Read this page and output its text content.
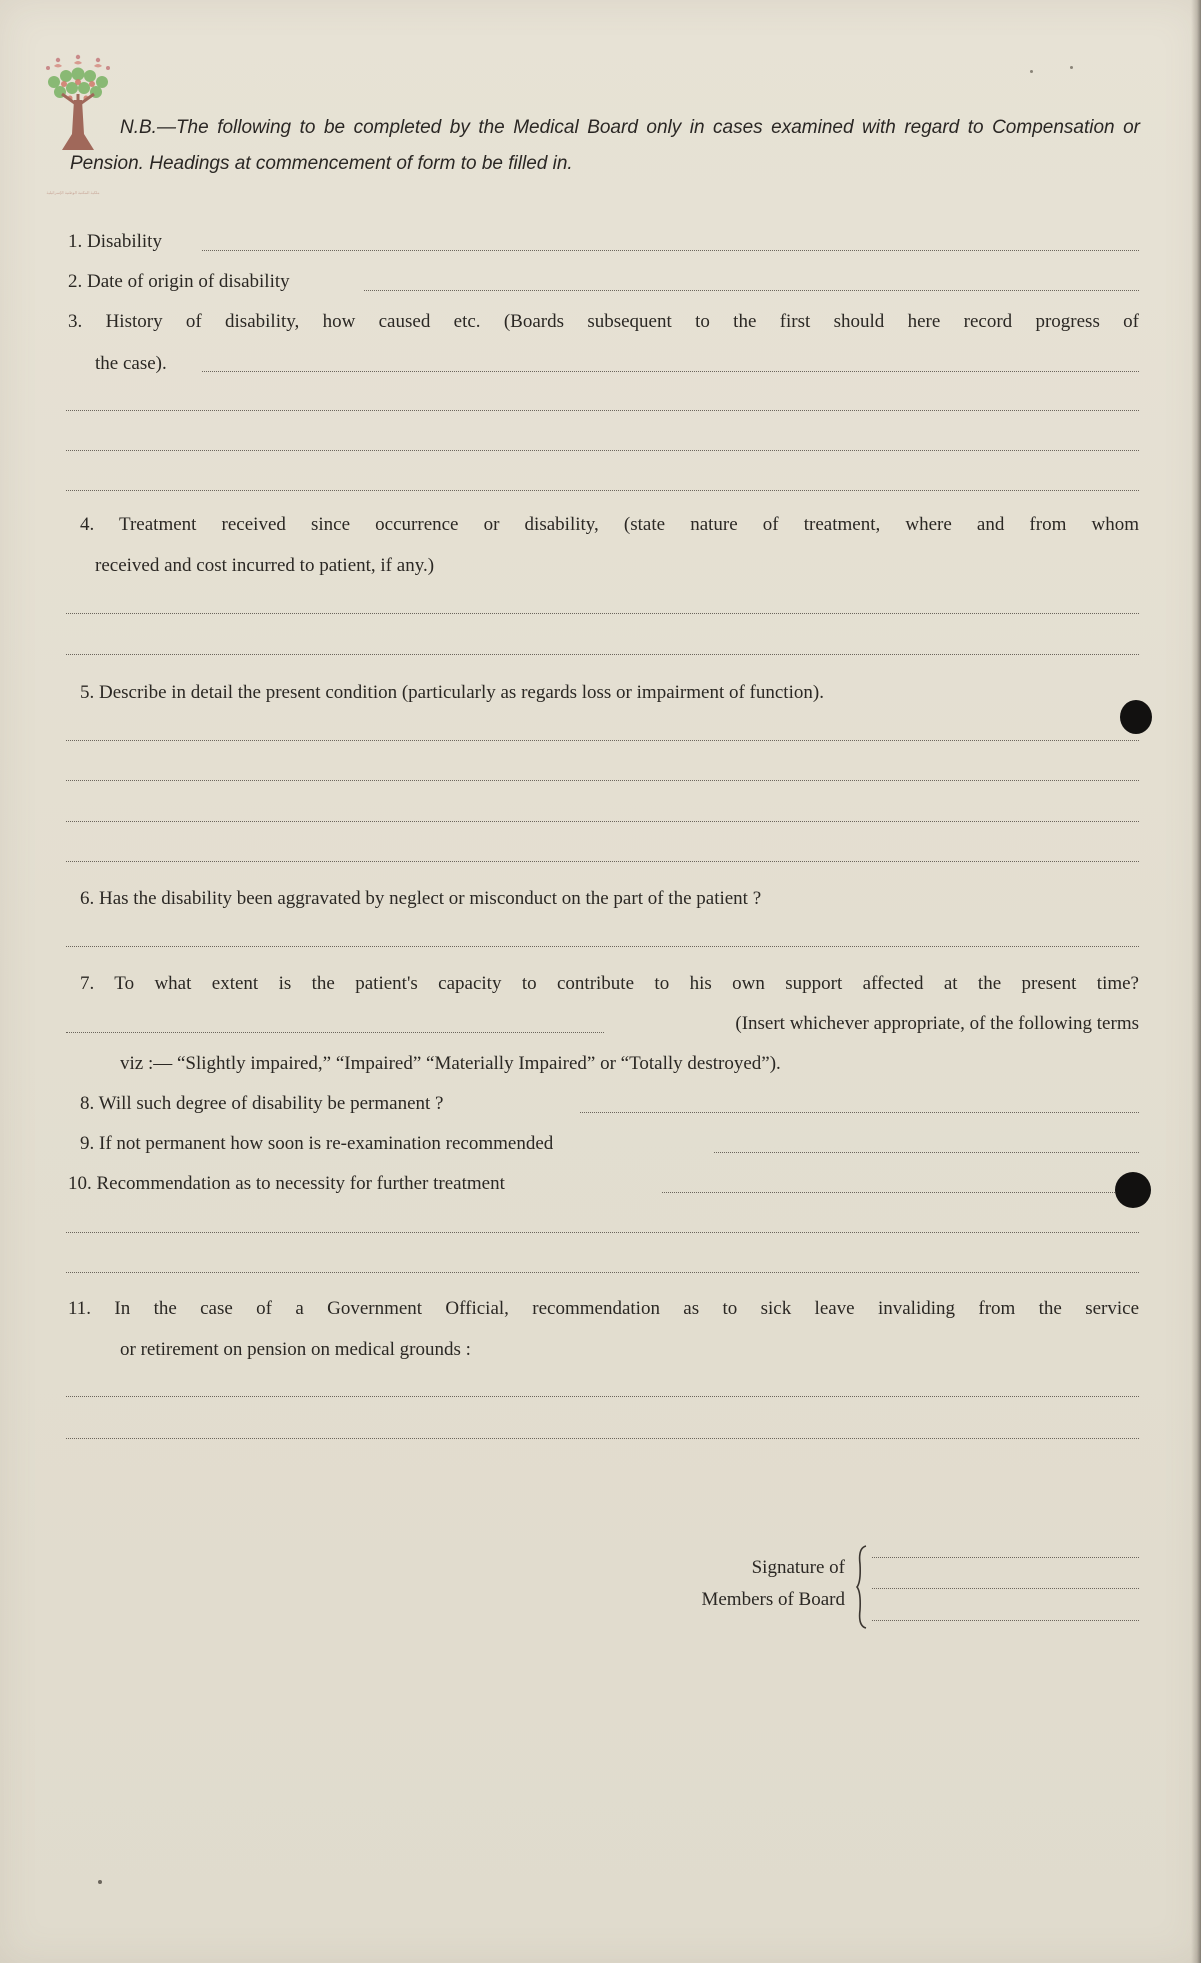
ملكية المكتبة الوطنية الإسرائيلية
N.B.—The following to be completed by the Medical Board only in cases examined with regard to Compensation or Pension. Headings at commencement of form to be filled in.
1. Disability
2. Date of origin of disability
3. History of disability, how caused etc. (Boards subsequent to the first should here record progress of
the case).
4. Treatment received since occurrence or disability, (state nature of treatment, where and from whom
received and cost incurred to patient, if any.)
5. Describe in detail the present condition (particularly as regards loss or impairment of function).
6. Has the disability been aggravated by neglect or misconduct on the part of the patient ?
7. To what extent is the patient's capacity to contribute to his own support affected at the present time?
(Insert whichever appropriate, of the following terms
viz :— “Slightly impaired,” “Impaired” “Materially Impaired” or “Totally destroyed”).
8. Will such degree of disability be permanent ?
9. If not permanent how soon is re-examination recommended
10. Recommendation as to necessity for further treatment
11. In the case of a Government Official, recommendation as to sick leave invaliding from the service
or retirement on pension on medical grounds :
Signature of
Members of Board
